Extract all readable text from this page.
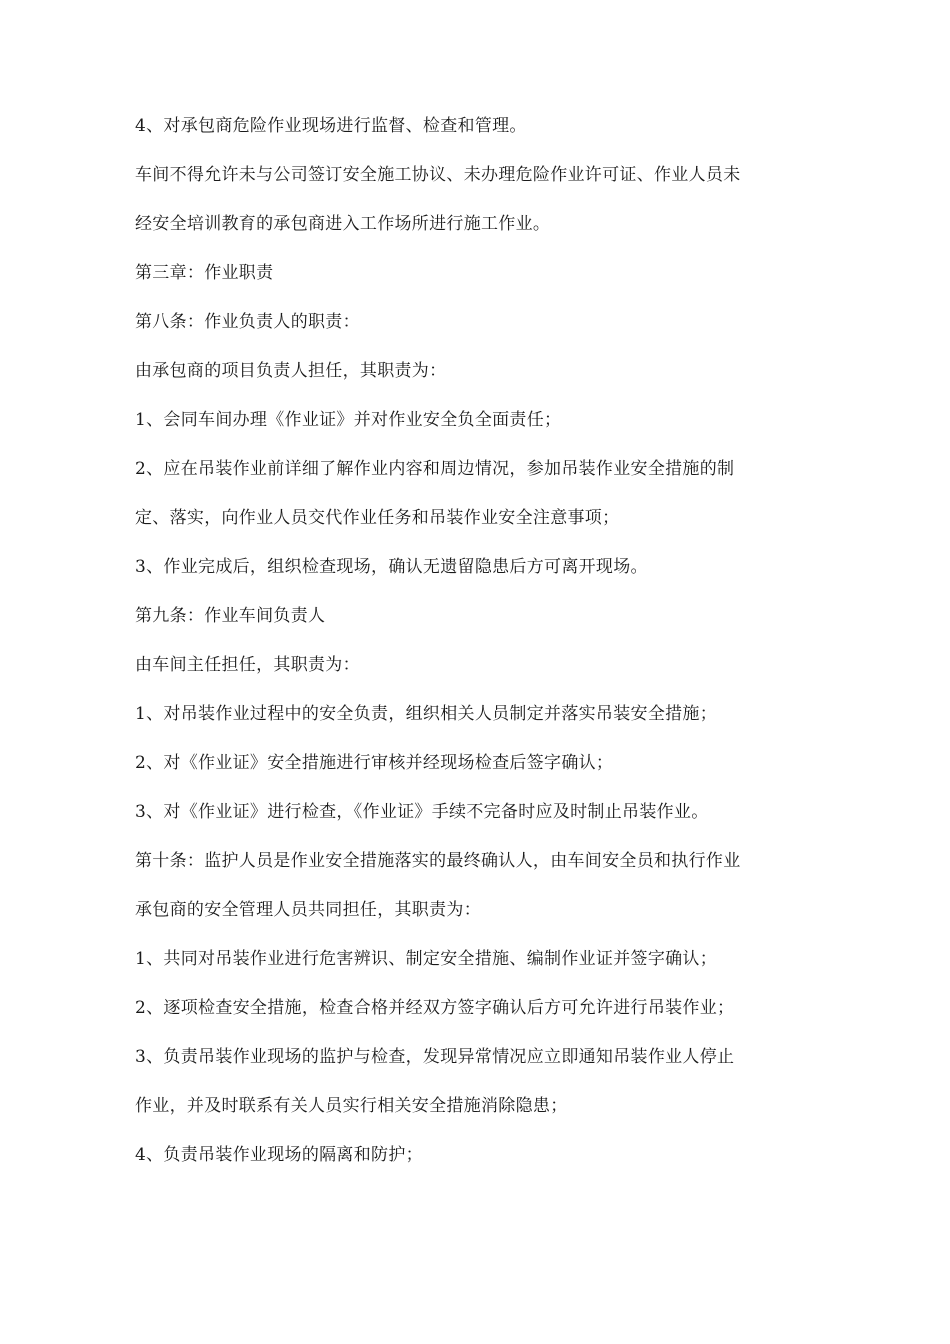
4、对承包商危险作业现场进行监督、检查和管理。
车间不得允许未与公司签订安全施工协议、未办理危险作业许可证、作业人员未
经安全培训教育的承包商进入工作场所进行施工作业。
第三章：作业职责
第八条：作业负责人的职责：
由承包商的项目负责人担任，其职责为：
1、会同车间办理《作业证》并对作业安全负全面责任；
2、应在吊装作业前详细了解作业内容和周边情况，参加吊装作业安全措施的制
定、落实，向作业人员交代作业任务和吊装作业安全注意事项；
3、作业完成后，组织检查现场，确认无遗留隐患后方可离开现场。
第九条：作业车间负责人
由车间主任担任，其职责为：
1、对吊装作业过程中的安全负责，组织相关人员制定并落实吊装安全措施；
2、对《作业证》安全措施进行审核并经现场检查后签字确认；
3、对《作业证》进行检查，《作业证》手续不完备时应及时制止吊装作业。
第十条：监护人员是作业安全措施落实的最终确认人，由车间安全员和执行作业
承包商的安全管理人员共同担任，其职责为：
1、共同对吊装作业进行危害辨识、制定安全措施、编制作业证并签字确认；
2、逐项检查安全措施，检查合格并经双方签字确认后方可允许进行吊装作业；
3、负责吊装作业现场的监护与检查，发现异常情况应立即通知吊装作业人停止
作业，并及时联系有关人员实行相关安全措施消除隐患；
4、负责吊装作业现场的隔离和防护；
